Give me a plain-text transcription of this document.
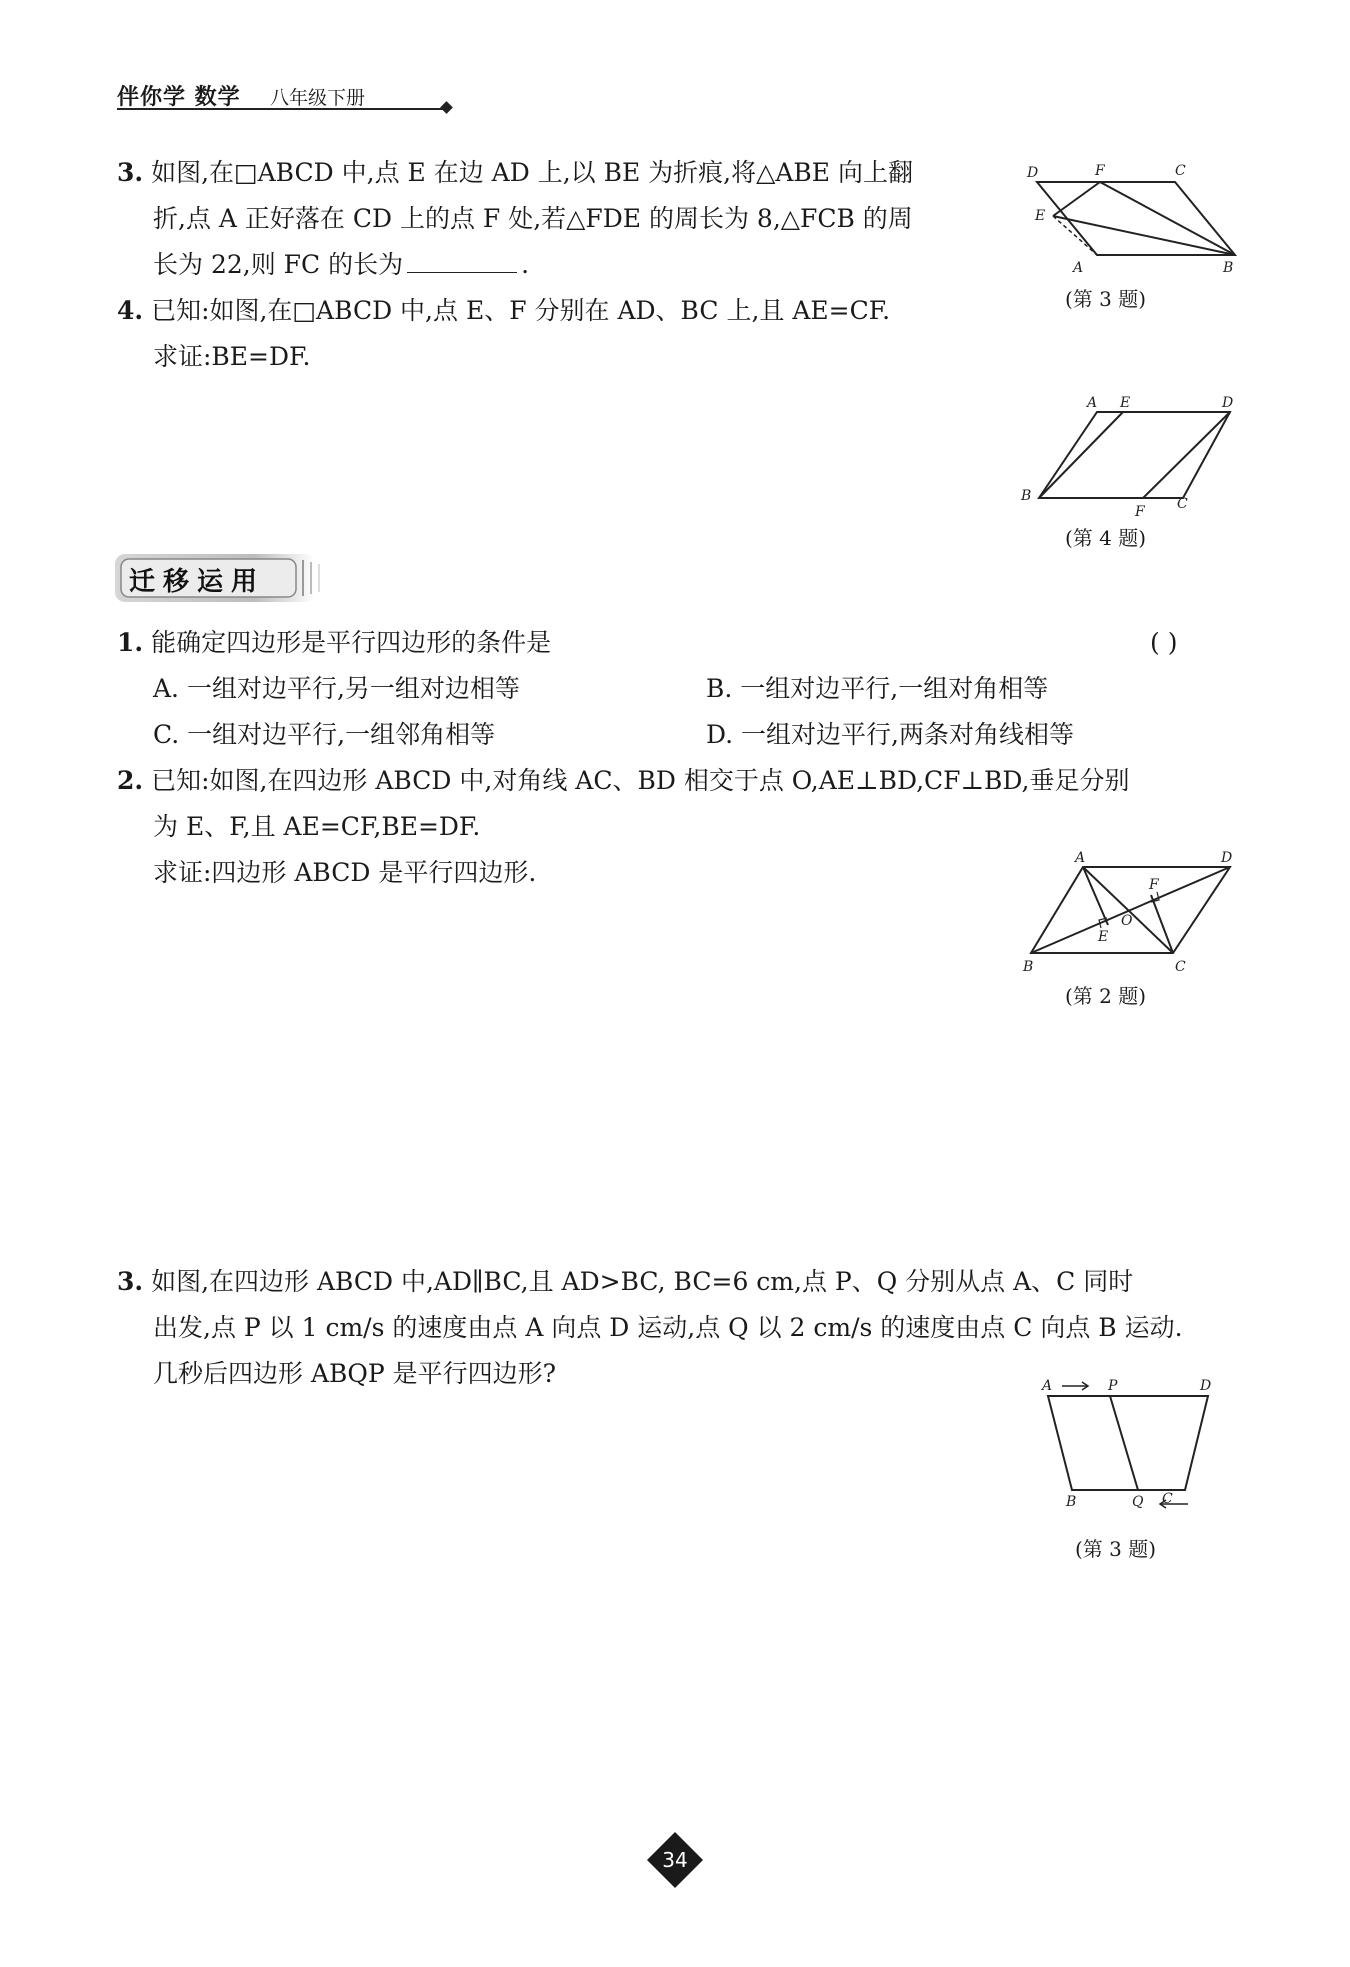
伴你学 数学 八年级下册
3. 如图,在□ABCD 中,点 E 在边 AD 上,以 BE 为折痕,将△ABE 向上翻
折,点 A 正好落在 CD 上的点 F 处,若△FDE 的周长为 8,△FCB 的周
长为 22,则 FC 的长为	.
D	F	C
E
A	B
(第 3 题)
4. 已知:如图,在□ABCD 中,点 E、F 分别在 AD、BC 上,且 AE=CF.
求证:BE=DF.
A E	D
B
F C
(第 4 题)
迁移运用
1. 能确定四边形是平行四边形的条件是	( )
A. 一组对边平行,另一组对边相等	B. 一组对边平行,一组对角相等
C. 一组对边平行,一组邻角相等	D. 一组对边平行,两条对角线相等
2. 已知:如图,在四边形 ABCD 中,对角线 AC、BD 相交于点 O,AE⊥BD,CF⊥BD,垂足分别
为 E、F,且 AE=CF,BE=DF.
求证:四边形 ABCD 是平行四边形.	A	D
F
O
E
B	C
(第 2 题)
3. 如图,在四边形 ABCD 中,AD∥BC,且 AD>BC, BC=6 cm,点 P、Q 分别从点 A、C 同时
出发,点 P 以 1 cm/s 的速度由点 A 向点 D 运动,点 Q 以 2 cm/s 的速度由点 C 向点 B 运动.
几秒后四边形 ABQP 是平行四边形?	A	P	D
B	Q C
(第 3 题)
34
